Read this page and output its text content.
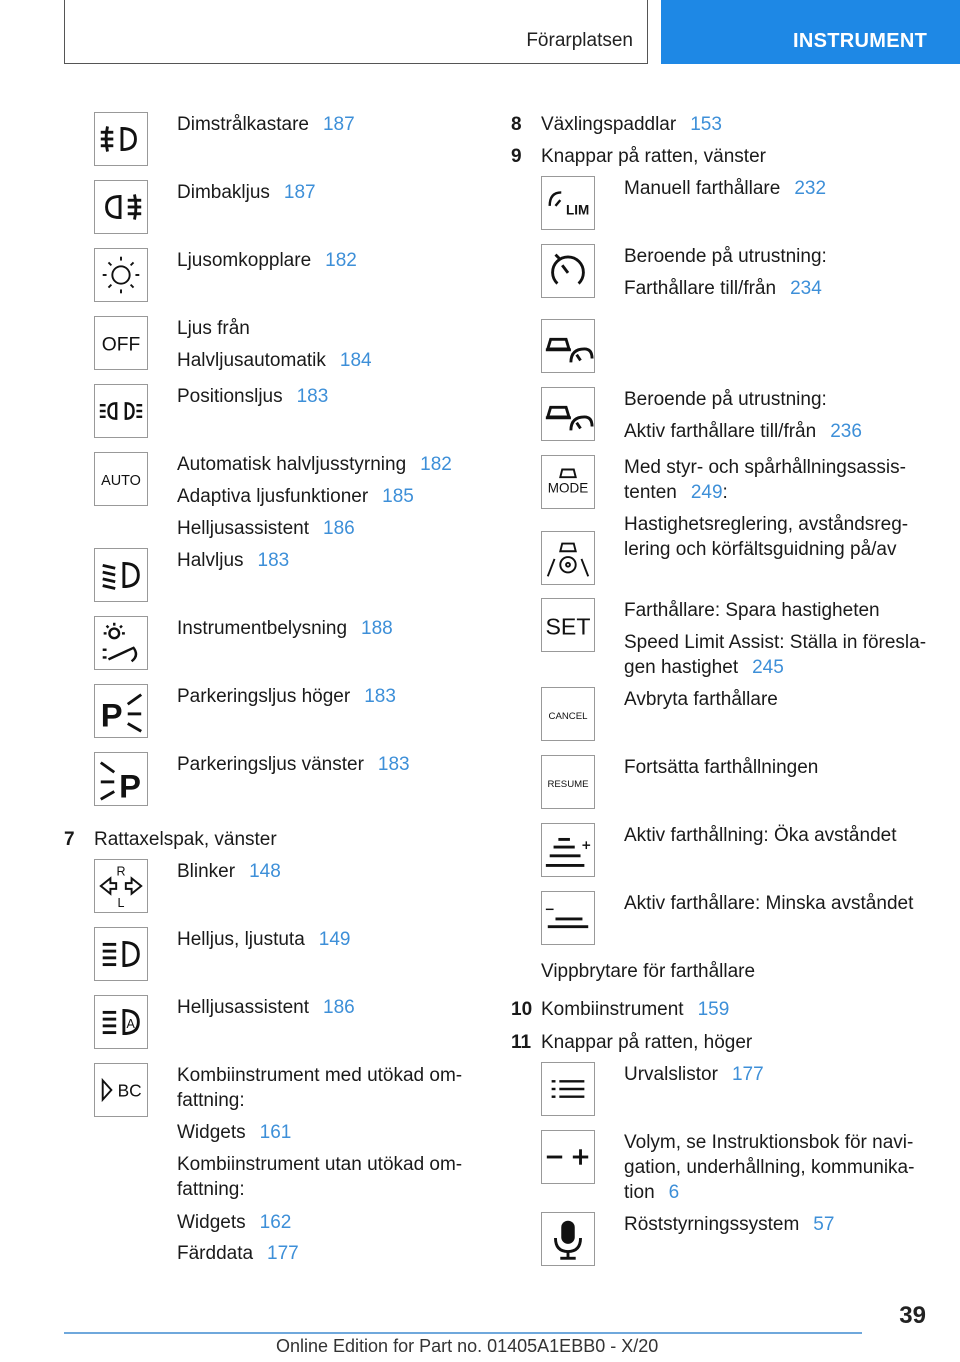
Förarplatsen	INSTRUMENT
Dimstrålkastare 187
Dimbakljus 187
Ljusomkopplare 182
OFF
Ljus från
Halvljusautomatik 184
Positionsljus 183
AUTO
Automatisk halvljusstyrning 182
Adaptiva ljusfunktioner 185
Helljusassistent 186
Halvljus 183
Instrumentbelysning 188
P	Parkeringsljus höger 183
P
Parkeringsljus vänster 183
7 Rattaxelspak, vänster
R
L
Blinker 148
Helljus, ljustuta 149
A
Helljusassistent 186
BC
Kombiinstrument med utökad om-
fattning:
Widgets 161
Kombiinstrument utan utökad om-
fattning:
Widgets 162
Färddata 177
8 Växlingspaddlar 153
9 Knappar på ratten, vänster
LIM
Manuell farthållare 232
Beroende på utrustning:
Farthållare till/från 234
Beroende på utrustning:
Aktiv farthållare till/från 236
MODE
Med styr- och spårhållningsassis-
tenten 249:
Hastighetsreglering, avståndsreg-
lering och körfältsguidning på/av
SET
Farthållare: Spara hastigheten
Speed Limit Assist: Ställa in föresla-
gen hastighet 245
CANCEL
Avbryta farthållare
RESUME
Fortsätta farthållningen
Aktiv farthållning: Öka avståndet
Aktiv farthållare: Minska avståndet
Vippbrytare för farthållare
10 Kombiinstrument 159
11 Knappar på ratten, höger
Urvalslistor 177
Volym, se Instruktionsbok för navi-
gation, underhållning, kommunika-
tion 6
Röststyrningssystem 57
39
Online Edition for Part no. 01405A1EBB0 - X/20
